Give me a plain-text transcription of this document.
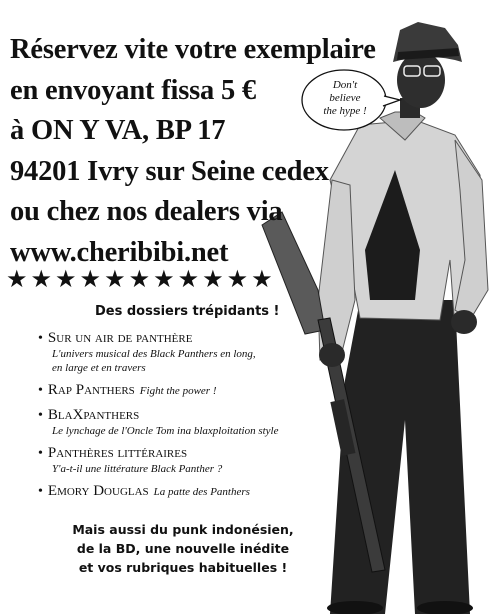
Don't
believe
the hype !
Réservez vite votre exemplaire
en envoyant fissa 5 €
à ON Y VA, BP 17
94201 Ivry sur Seine cedex
ou chez nos dealers via
www.cheribibi.net
★★★★★★★★★★★
Des dossiers trépidants !
• Sur un air de panthère
L'univers musical des Black Panthers en long,
en large et en travers
• Rap Panthers Fight the power !
• BlaXpanthers
Le lynchage de l'Oncle Tom ina blaxploitation style
• Panthères littéraires
Y'a-t-il une littérature Black Panther ?
• Emory Douglas La patte des Panthers
Mais aussi du punk indonésien,
de la BD, une nouvelle inédite
et vos rubriques habituelles !
